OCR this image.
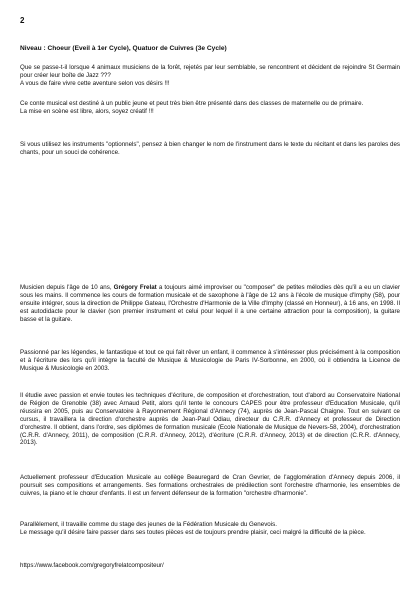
2
Niveau : Choeur (Eveil à 1er Cycle), Quatuor de Cuivres (3e Cycle)
Que se passe-t-il lorsque 4 animaux musiciens de la forêt, rejetés par leur semblable, se rencontrent et décident de rejoindre St Germain pour créer leur boîte de Jazz ???
A vous de faire vivre cette aventure selon vos désirs !!!
Ce conte musical est destiné à un public jeune et peut très bien être présenté dans des classes de maternelle ou de primaire.
La mise en scène est libre, alors, soyez créatif !!!

Si vous utilisez les instruments "optionnels", pensez à bien changer le nom de l'instrument dans le texte du récitant et dans les paroles des chants, pour un souci de cohérence.

Musicien depuis l'âge de 10 ans, Grégory Frelat a toujours aimé improviser ou "composer" de petites mélodies dès qu'il a eu un clavier sous les mains. Il commence les cours de formation musicale et de saxophone à l'âge de 12 ans à l'école de musique d'Imphy (58), pour ensuite intégrer, sous la direction de Philippe Gateau, l'Orchestre d'Harmonie de la Ville d'Imphy (classé en Honneur), à 16 ans, en 1998. Il est autodidacte pour le clavier (son premier instrument et celui pour lequel il a une certaine attraction pour la composition), la guitare basse et la guitare.

Passionné par les légendes, le fantastique et tout ce qui fait rêver un enfant, il commence à s'intéresser plus précisément à la composition et à l'écriture des lors qu'il intègre la faculté de Musique & Musicologie de Paris IV-Sorbonne, en 2000, où il obtiendra la Licence de Musique & Musicologie en 2003.

Il étudie avec passion et envie toutes les techniques d'écriture, de composition et d'orchestration, tout d'abord au Conservatoire National de Région de Grenoble (38) avec Arnaud Petit, alors qu'il tente le concours CAPES pour être professeur d'Education Musicale, qu'il réussira en 2005, puis au Conservatoire à Rayonnement Régional d'Annecy (74), auprès de Jean-Pascal Chaigne. Tout en suivant ce cursus, il travaillera la direction d'orchestre auprès de Jean-Paul Odiau, directeur du C.R.R. d'Annecy et professeur de Direction d'orchestre. Il obtient, dans l'ordre, ses diplômes de formation musicale (Ecole Nationale de Musique de Nevers-58, 2004), d'orchestration (C.R.R. d'Annecy, 2011), de composition (C.R.R. d'Annecy, 2012), d'écriture (C.R.R. d'Annecy, 2013) et de direction (C.R.R. d'Annecy, 2013).

Actuellement professeur d'Education Musicale au collège Beauregard de Cran Gevrier, de l'agglomération d'Annecy depuis 2006, il poursuit ses compositions et arrangements. Ses formations orchestrales de prédilection sont l'orchestre d'harmonie, les ensembles de cuivres, la piano et le chœur d'enfants. Il est un fervent défenseur de la formation "orchestre d'harmonie".

Parallèlement, il travaille comme du stage des jeunes de la Fédération Musicale du Genevois.
Le message qu'il désire faire passer dans ses toutes pièces est de toujours prendre plaisir, ceci malgré la difficulté de la pièce.
https://www.facebook.com/gregoryfrelatcompositeur/
